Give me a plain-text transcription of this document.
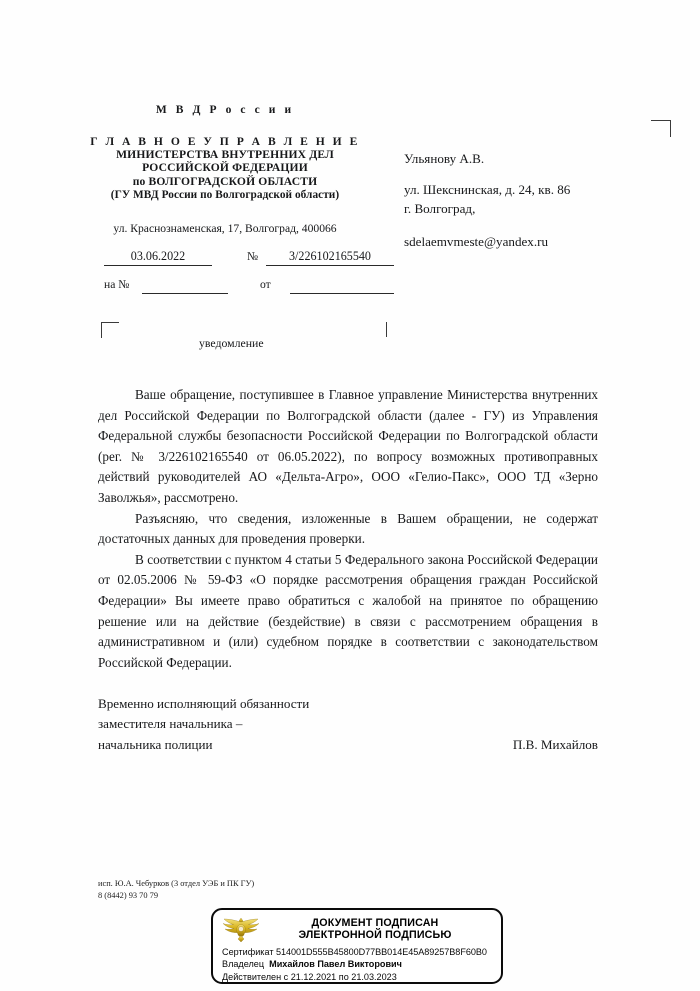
М В Д Р о с с и и
Г Л А В Н О Е У П Р А В Л Е Н И Е
МИНИСТЕРСТВА ВНУТРЕННИХ ДЕЛ
РОССИЙСКОЙ ФЕДЕРАЦИИ
по ВОЛГОГРАДСКОЙ ОБЛАСТИ
(ГУ МВД России по Волгоградской области)
ул. Краснознаменская, 17, Волгоград, 400066
03.06.2022	№	3/226102165540
на №	от
Ульянову А.В.
ул. Шекснинская, д. 24, кв. 86
г. Волгоград,
sdelaemvmeste@yandex.ru
уведомление

Ваше обращение, поступившее в Главное управление Министерства внутренних дел Российской Федерации по Волгоградской области (далее - ГУ) из Управления Федеральной службы безопасности Российской Федерации по Волгоградской области (рег. № 3/226102165540 от 06.05.2022), по вопросу возможных противоправных действий руководителей АО «Дельта-Агро», ООО «Гелио-Пакс», ООО ТД «Зерно Заволжья», рассмотрено.

Разъясняю, что сведения, изложенные в Вашем обращении, не содержат достаточных данных для проведения проверки.

В соответствии с пунктом 4 статьи 5 Федерального закона Российской Федерации от 02.05.2006 № 59-ФЗ «О порядке рассмотрения обращения граждан Российской Федерации» Вы имеете право обратиться с жалобой на принятое по обращению решение или на действие (бездействие) в связи с рассмотрением обращения в административном и (или) судебном порядке в соответствии с законодательством Российской Федерации.

Временно исполняющий обязанности
заместителя начальника –
начальника полиции	П.В. Михайлов
исп. Ю.А. Чебурков (3 отдел УЭБ и ПК ГУ)
8 (8442) 93 70 79
ДОКУМЕНТ ПОДПИСАН
ЭЛЕКТРОННОЙ ПОДПИСЬЮ
Сертификат 514001D555B45800D77BB014E45A89257B8F60B0
Владелец Михайлов Павел Викторович
Действителен с 21.12.2021 по 21.03.2023
